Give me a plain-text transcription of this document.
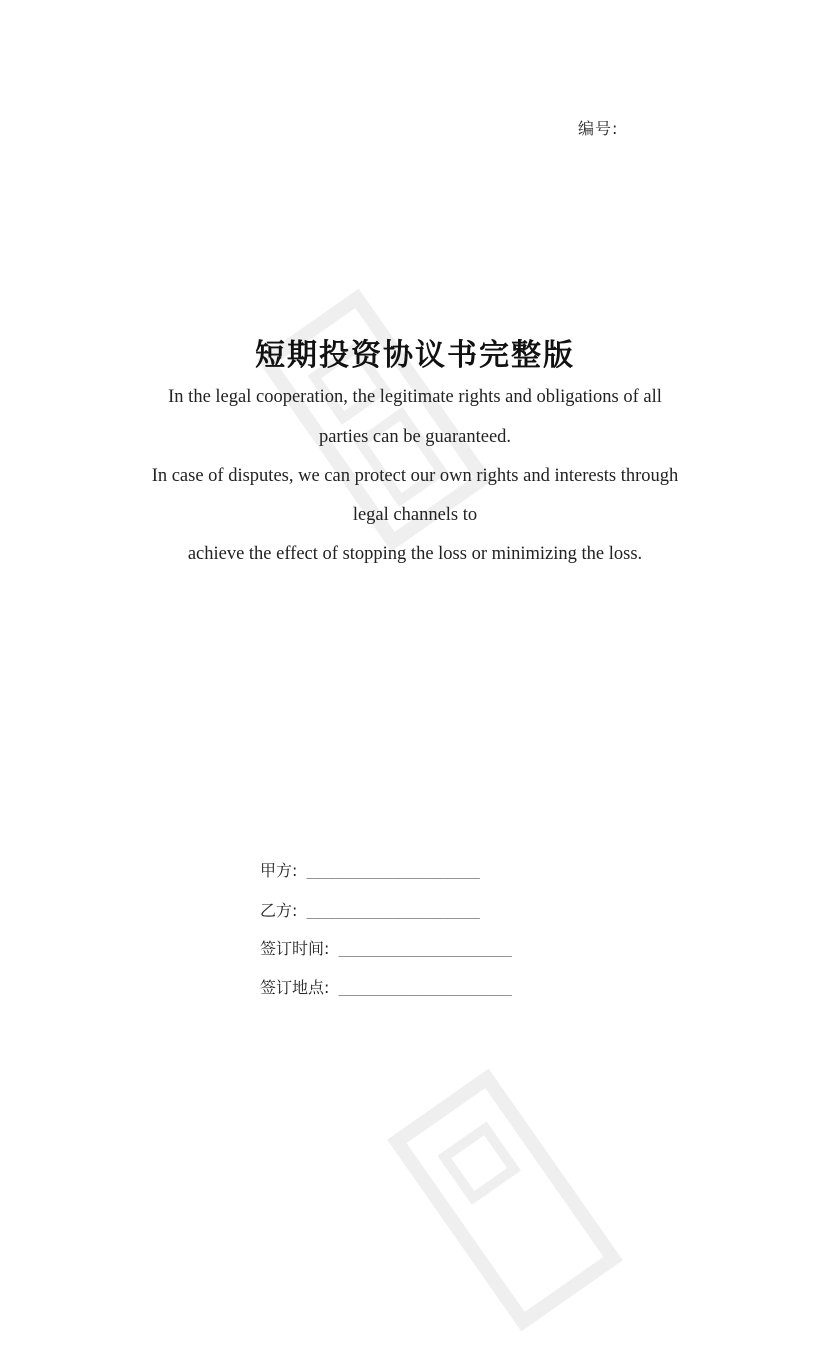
编号:
短期投资协议书完整版
In the legal cooperation, the legitimate rights and obligations of all
parties can be guaranteed.
In case of disputes, we can protect our own rights and interests through
legal channels to
achieve the effect of stopping the loss or minimizing the loss.
甲方: ________________________
乙方: ________________________
签订时间: ________________________
签订地点: ________________________
